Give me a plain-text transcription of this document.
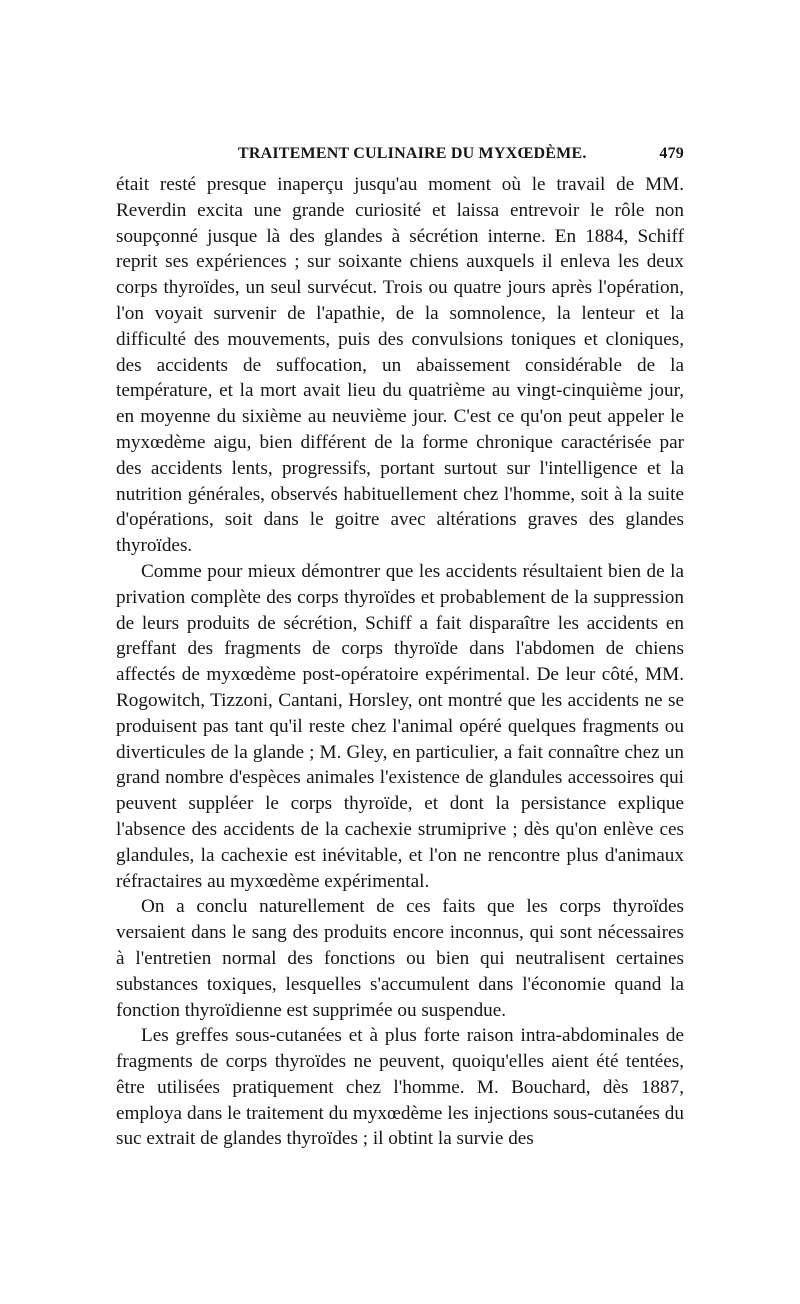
TRAITEMENT CULINAIRE DU MYXŒDÈME.	479

était resté presque inaperçu jusqu'au moment où le travail de MM. Reverdin excita une grande curiosité et laissa entrevoir le rôle non soupçonné jusque là des glandes à sécrétion interne. En 1884, Schiff reprit ses expériences ; sur soixante chiens auxquels il enleva les deux corps thyroïdes, un seul survécut. Trois ou quatre jours après l'opération, l'on voyait survenir de l'apathie, de la somnolence, la lenteur et la difficulté des mouvements, puis des convulsions toniques et cloniques, des accidents de suffocation, un abaissement considérable de la température, et la mort avait lieu du quatrième au vingt-cinquième jour, en moyenne du sixième au neuvième jour. C'est ce qu'on peut appeler le myxœdème aigu, bien différent de la forme chronique caractérisée par des accidents lents, progressifs, portant surtout sur l'intelligence et la nutrition générales, observés habituellement chez l'homme, soit à la suite d'opérations, soit dans le goitre avec altérations graves des glandes thyroïdes.

Comme pour mieux démontrer que les accidents résultaient bien de la privation complète des corps thyroïdes et probablement de la suppression de leurs produits de sécrétion, Schiff a fait disparaître les accidents en greffant des fragments de corps thyroïde dans l'abdomen de chiens affectés de myxœdème post-opératoire expérimental. De leur côté, MM. Rogowitch, Tizzoni, Cantani, Horsley, ont montré que les accidents ne se produisent pas tant qu'il reste chez l'animal opéré quelques fragments ou diverticules de la glande ; M. Gley, en particulier, a fait connaître chez un grand nombre d'espèces animales l'existence de glandules accessoires qui peuvent suppléer le corps thyroïde, et dont la persistance explique l'absence des accidents de la cachexie strumiprive ; dès qu'on enlève ces glandules, la cachexie est inévitable, et l'on ne rencontre plus d'animaux réfractaires au myxœdème expérimental.

On a conclu naturellement de ces faits que les corps thyroïdes versaient dans le sang des produits encore inconnus, qui sont nécessaires à l'entretien normal des fonctions ou bien qui neutralisent certaines substances toxiques, lesquelles s'accumulent dans l'économie quand la fonction thyroïdienne est supprimée ou suspendue.

Les greffes sous-cutanées et à plus forte raison intra-abdominales de fragments de corps thyroïdes ne peuvent, quoiqu'elles aient été tentées, être utilisées pratiquement chez l'homme. M. Bouchard, dès 1887, employa dans le traitement du myxœdème les injections sous-cutanées du suc extrait de glandes thyroïdes ; il obtint la survie des
